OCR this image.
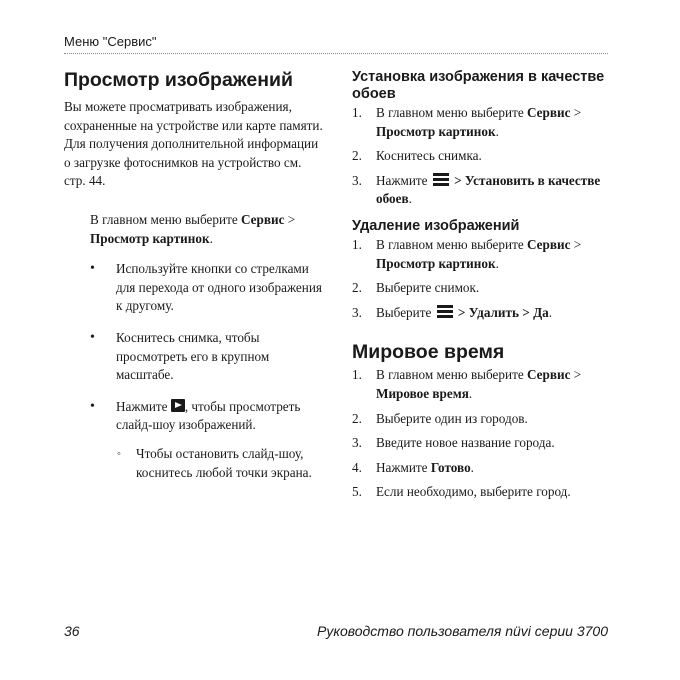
Меню "Сервис"
Просмотр изображений

Вы можете просматривать изображения, сохраненные на устройстве или карте памяти. Для получения дополнительной информации о загрузке фотоснимков на устройство см. стр. 44.

В главном меню выберите Сервис > Просмотр картинок.

• Используйте кнопки со стрелками для перехода от одного изображения к другому.
• Коснитесь снимка, чтобы просмотреть его в крупном масштабе.
• Нажмите , чтобы просмотреть слайд-шоу изображений.
◦ Чтобы остановить слайд-шоу, коснитесь любой точки экрана.
Установка изображения в качестве обоев
1. В главном меню выберите Сервис > Просмотр картинок.
2. Коснитесь снимка.
3. Нажмите
> Установить в качестве обоев.
Удаление изображений
1. В главном меню выберите Сервис > Просмотр картинок.
2. Выберите снимок.
3. Выберите
> Удалить > Да.
Мировое время
1. В главном меню выберите Сервис > Мировое время.
2. Выберите один из городов.
3. Введите новое название города.
4. Нажмите Готово.
5. Если необходимо, выберите город.
36	Руководство пользователя nüvi серии 3700
